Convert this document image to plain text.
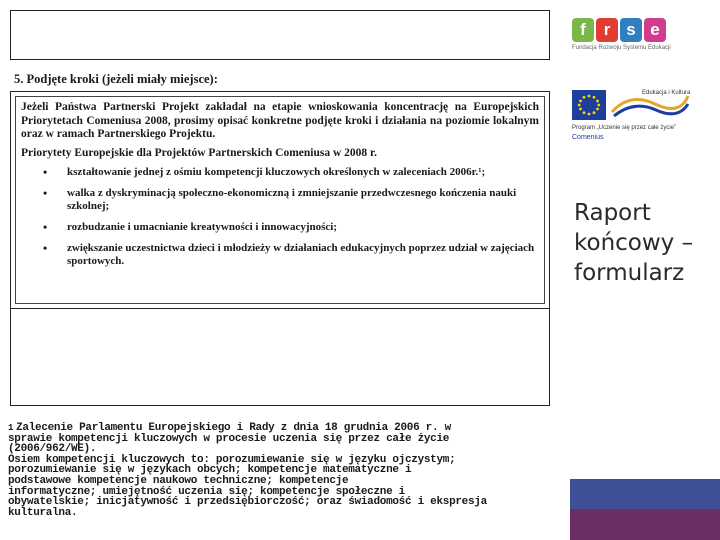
5. Podjęte kroki (jeżeli miały miejsce):

Jeżeli Państwa Partnerski Projekt zakładał na etapie wnioskowania koncentrację na Europejskich Priorytetach Comeniusa 2008, prosimy opisać konkretne podjęte kroki i działania na poziomie lokalnym oraz w ramach Partnerskiego Projektu.

Priorytety Europejskie dla Projektów Partnerskich Comeniusa w 2008 r.

• kształtowanie jednej z ośmiu kompetencji kluczowych określonych w zaleceniach 2006r.¹;
• walka z dyskryminacją społeczno-ekonomiczną i zmniejszanie przedwczesnego kończenia nauki szkolnej;
• rozbudzanie i umacnianie kreatywności i innowacyjności;
• zwiększanie uczestnictwa dzieci i młodzieży w działaniach edukacyjnych poprzez udział w zajęciach sportowych.

$^1$ Zalecenie Parlamentu Europejskiego i Rady z dnia 18 grudnia 2006 r. w

sprawie kompetencji kluczowych w procesie uczenia się przez całe życie

(2006/962/WE).

Osiem kompetencji kluczowych to: porozumiewanie się w języku ojczystym;

porozumiewanie się w językach obcych; kompetencje matematyczne i

podstawowe kompetencje naukowo techniczne; kompetencje

informatyczne; umiejętność uczenia się; kompetencje społeczne i

obywatelskie; inicjatywność i przedsiębiorczość; oraz świadomość i ekspresja

kulturalna.

f	r s e
Fundacja Rozwoju Systemu Edukacji
Edukacja i Kultura
Program „Uczenie się przez całe życie”
Comenius
Raport
końcowy –
formularz
